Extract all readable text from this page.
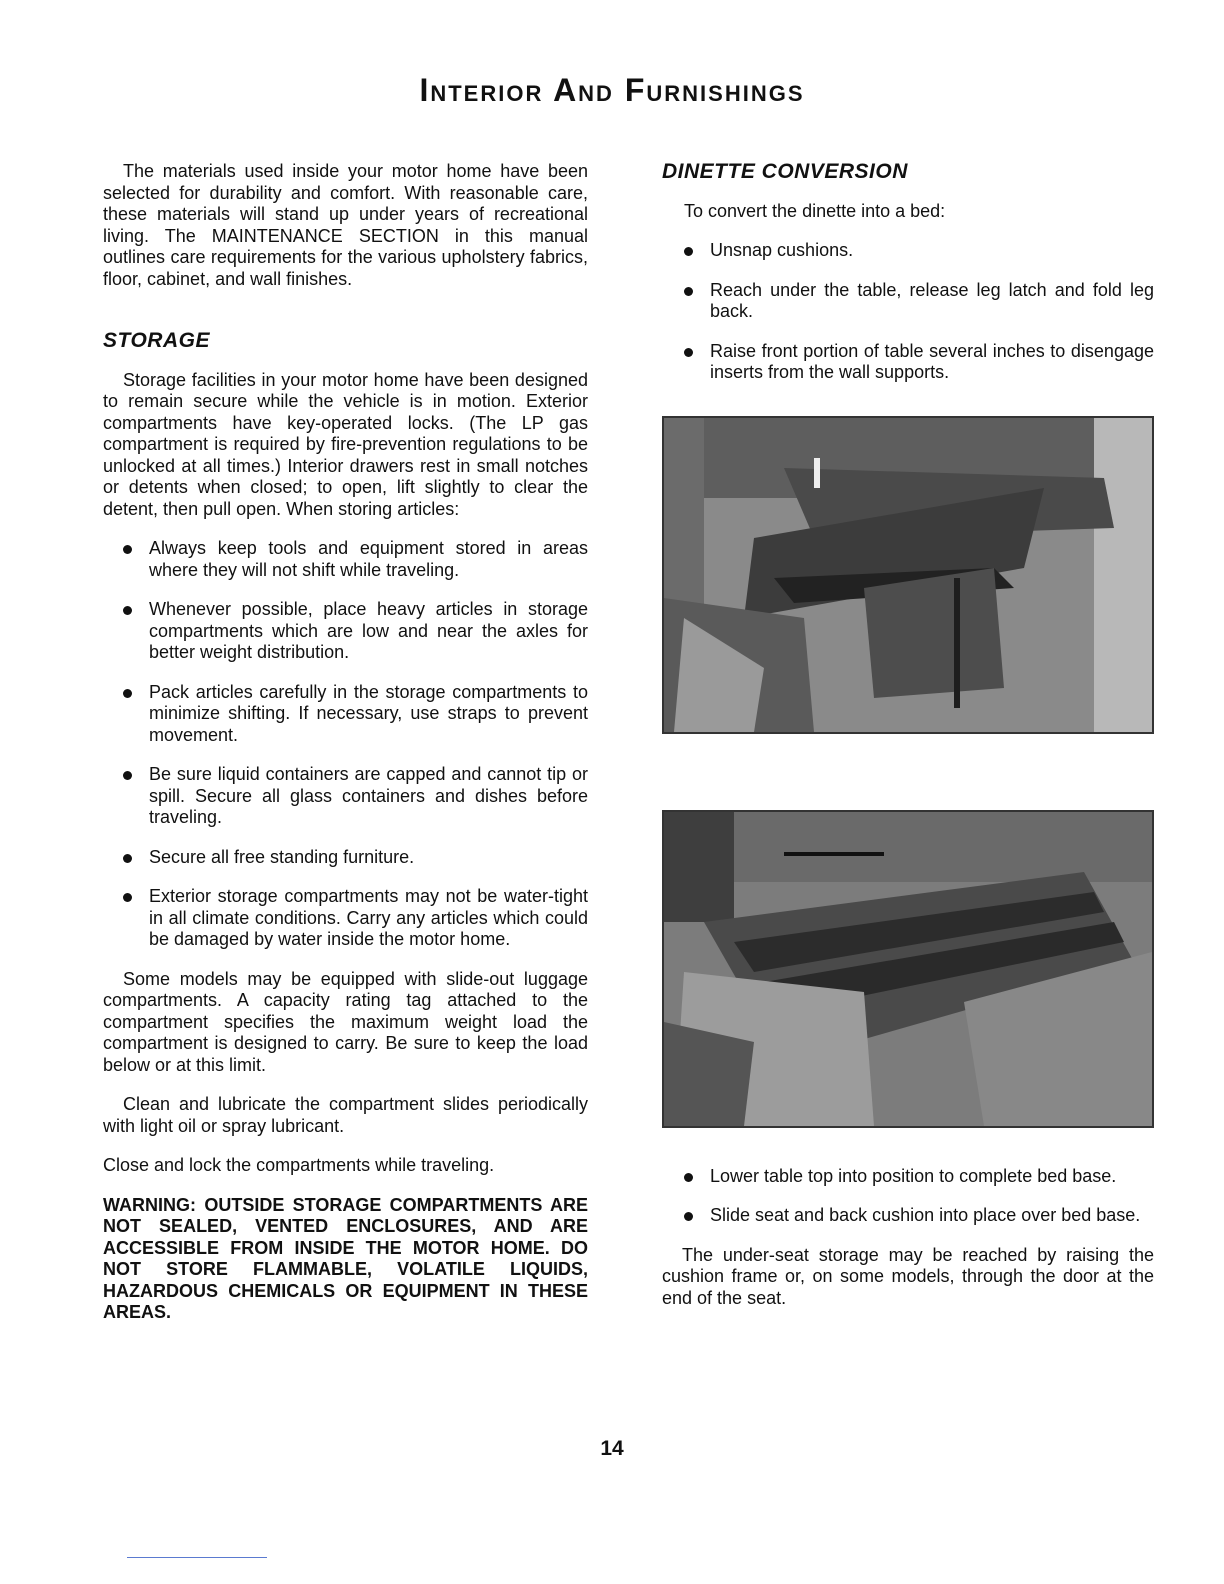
Interior And Furnishings

The materials used inside your motor home have been selected for durability and comfort. With reasonable care, these materials will stand up under years of recreational living. The MAINTENANCE SECTION in this manual outlines care requirements for the various upholstery fabrics, floor, cabinet, and wall finishes.

STORAGE

Storage facilities in your motor home have been designed to remain secure while the vehicle is in motion. Exterior compartments have key-operated locks. (The LP gas compartment is required by fire-prevention regulations to be unlocked at all times.) Interior drawers rest in small notches or detents when closed; to open, lift slightly to clear the detent, then pull open. When storing articles:

Always keep tools and equipment stored in areas where they will not shift while traveling.
Whenever possible, place heavy articles in storage compartments which are low and near the axles for better weight distribution.
Pack articles carefully in the storage compartments to minimize shifting. If necessary, use straps to prevent movement.
Be sure liquid containers are capped and cannot tip or spill. Secure all glass containers and dishes before traveling.
Secure all free standing furniture.
Exterior storage compartments may not be water-tight in all climate conditions. Carry any articles which could be damaged by water inside the motor home.

Some models may be equipped with slide-out luggage compartments. A capacity rating tag attached to the compartment specifies the maximum weight load the compartment is designed to carry. Be sure to keep the load below or at this limit.

Clean and lubricate the compartment slides periodically with light oil or spray lubricant.

Close and lock the compartments while traveling.

WARNING: OUTSIDE STORAGE COMPARTMENTS ARE NOT SEALED, VENTED ENCLOSURES, AND ARE ACCESSIBLE FROM INSIDE THE MOTOR HOME. DO NOT STORE FLAMMABLE, VOLATILE LIQUIDS, HAZARDOUS CHEMICALS OR EQUIPMENT IN THESE AREAS.

DINETTE CONVERSION

To convert the dinette into a bed:

Unsnap cushions.
Reach under the table, release leg latch and fold leg back.
Raise front portion of table several inches to disengage inserts from the wall supports.
Lower table top into position to complete bed base.
Slide seat and back cushion into place over bed base.

The under-seat storage may be reached by raising the cushion frame or, on some models, through the door at the end of the seat.

14
